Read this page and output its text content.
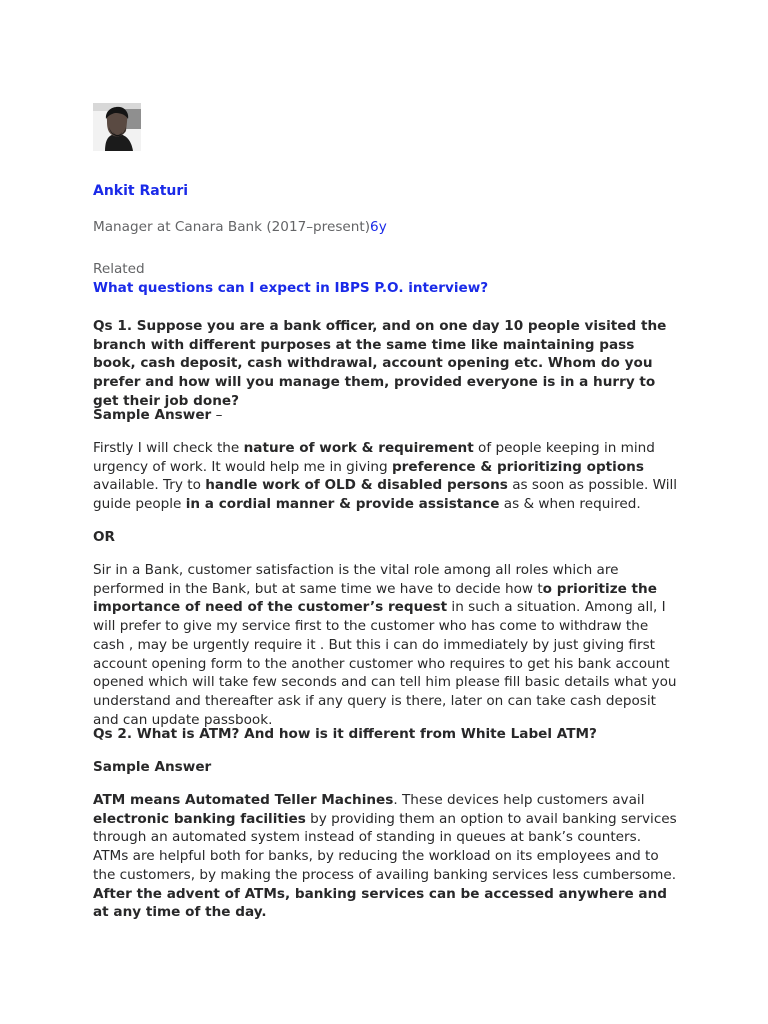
Ankit Raturi

Manager at Canara Bank (2017–present)6y

Related

What questions can I expect in IBPS P.O. interview?

Qs 1. Suppose you are a bank officer, and on one day 10 people visited the branch with different purposes at the same time like maintaining pass book, cash deposit, cash withdrawal, account opening etc. Whom do you prefer and how will you manage them, provided everyone is in a hurry to get their job done?

Sample Answer –

Firstly I will check the nature of work & requirement of people keeping in mind urgency of work. It would help me in giving preference & prioritizing options available. Try to handle work of OLD & disabled persons as soon as possible. Will guide people in a cordial manner & provide assistance as & when required.

OR

Sir in a Bank, customer satisfaction is the vital role among all roles which are performed in the Bank, but at same time we have to decide how to prioritize the importance of need of the customer’s request in such a situation. Among all, I will prefer to give my service first to the customer who has come to withdraw the cash , may be urgently require it . But this i can do immediately by just giving first account opening form to the another customer who requires to get his bank account opened which will take few seconds and can tell him please fill basic details what you understand and thereafter ask if any query is there, later on can take cash deposit and can update passbook.

Qs 2. What is ATM? And how is it different from White Label ATM?

Sample Answer

ATM means Automated Teller Machines. These devices help customers avail electronic banking facilities by providing them an option to avail banking services through an automated system instead of standing in queues at bank’s counters. ATMs are helpful both for banks, by reducing the workload on its employees and to the customers, by making the process of availing banking services less cumbersome. After the advent of ATMs, banking services can be accessed anywhere and at any time of the day.
